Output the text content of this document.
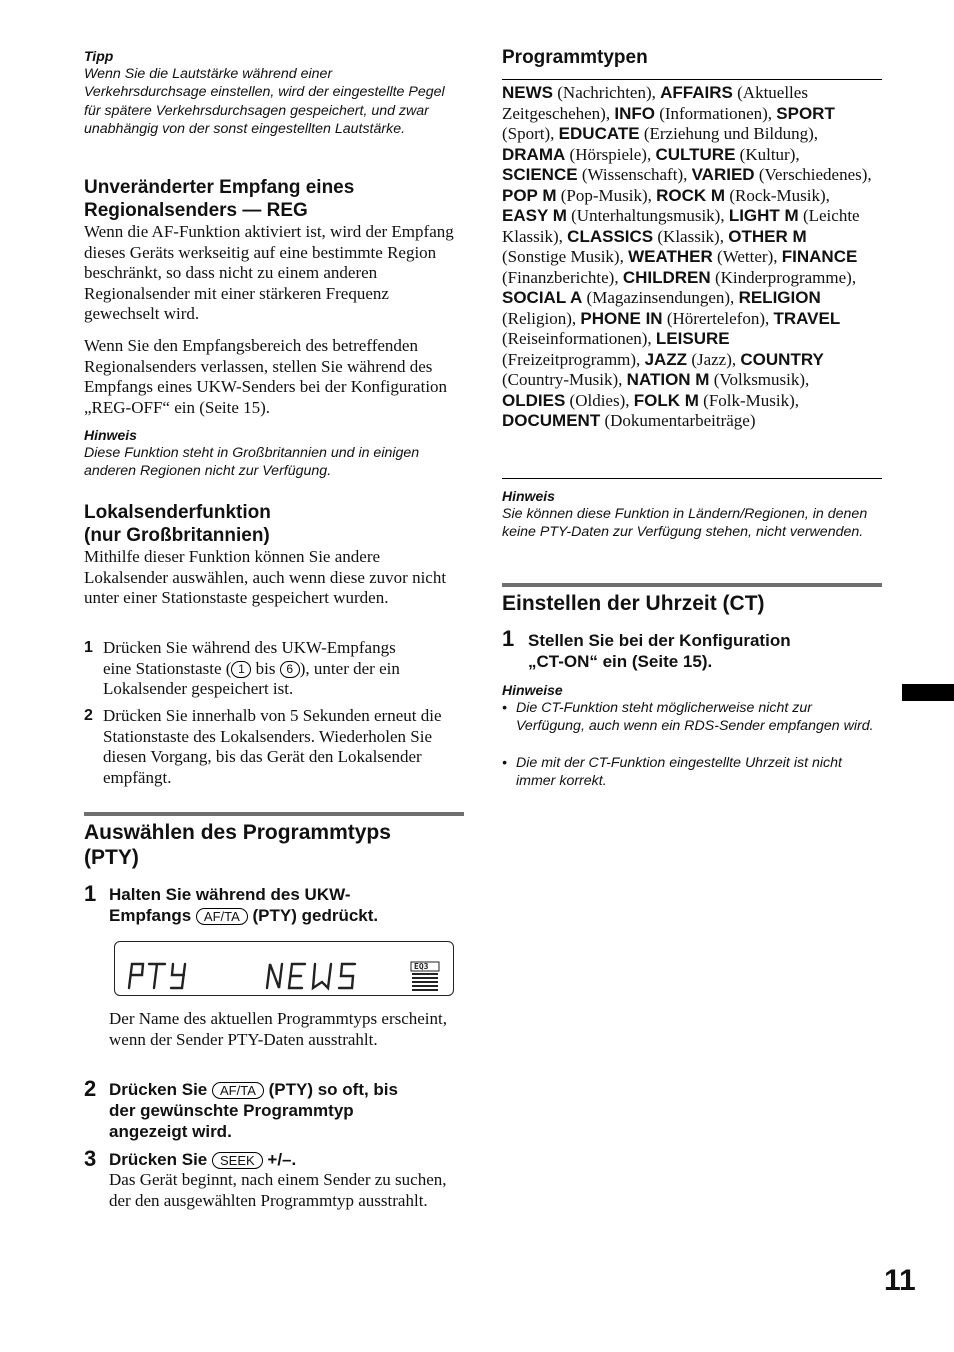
Tipp
Wenn Sie die Lautstärke während einer Verkehrsdurchsage einstellen, wird der eingestellte Pegel für spätere Verkehrsdurchsagen gespeichert, und zwar unabhängig von der sonst eingestellten Lautstärke.
Unveränderter Empfang eines
Regionalsenders — REG
Wenn die AF-Funktion aktiviert ist, wird der Empfang dieses Geräts werkseitig auf eine bestimmte Region beschränkt, so dass nicht zu einem anderen Regionalsender mit einer stärkeren Frequenz gewechselt wird.
Wenn Sie den Empfangsbereich des betreffenden Regionalsenders verlassen, stellen Sie während des Empfangs eines UKW-Senders bei der Konfiguration „REG-OFF“ ein (Seite 15).
Hinweis
Diese Funktion steht in Großbritannien und in einigen anderen Regionen nicht zur Verfügung.
Lokalsenderfunktion
(nur Großbritannien)
Mithilfe dieser Funktion können Sie andere Lokalsender auswählen, auch wenn diese zuvor nicht unter einer Stationstaste gespeichert wurden.
1 Drücken Sie während des UKW-Empfangs
eine Stationstaste ( 1 bis 6 ), unter der ein
Lokalsender gespeichert ist.
2 Drücken Sie innerhalb von 5 Sekunden erneut die Stationstaste des Lokalsenders. Wiederholen Sie diesen Vorgang, bis das Gerät den Lokalsender empfängt.
Auswählen des Programmtyps
(PTY)
1 Halten Sie während des UKW-
Empfangs AF/TA (PTY) gedrückt.
EQ3
Der Name des aktuellen Programmtyps erscheint, wenn der Sender PTY-Daten ausstrahlt.
2 Drücken Sie AF/TA (PTY) so oft, bis
der gewünschte Programmtyp
angezeigt wird.
3 Drücken Sie SEEK +/–.
Das Gerät beginnt, nach einem Sender zu suchen, der den ausgewählten Programmtyp ausstrahlt.
Programmtypen
NEWS (Nachrichten), AFFAIRS (Aktuelles Zeitgeschehen), INFO (Informationen), SPORT (Sport), EDUCATE (Erziehung und Bildung), DRAMA (Hörspiele), CULTURE (Kultur), SCIENCE (Wissenschaft), VARIED (Verschiedenes), POP M (Pop-Musik), ROCK M (Rock-Musik), EASY M (Unterhaltungsmusik), LIGHT M (Leichte Klassik), CLASSICS (Klassik), OTHER M (Sonstige Musik), WEATHER (Wetter), FINANCE (Finanzberichte), CHILDREN (Kinderprogramme), SOCIAL A (Magazinsendungen), RELIGION (Religion), PHONE IN (Hörertelefon), TRAVEL (Reiseinformationen), LEISURE (Freizeitprogramm), JAZZ (Jazz), COUNTRY (Country-Musik), NATION M (Volksmusik), OLDIES (Oldies), FOLK M (Folk-Musik), DOCUMENT (Dokumentarbeiträge)
Hinweis
Sie können diese Funktion in Ländern/Regionen, in denen keine PTY-Daten zur Verfügung stehen, nicht verwenden.
Einstellen der Uhrzeit (CT)
1 Stellen Sie bei der Konfiguration
„CT-ON“ ein (Seite 15).
Hinweise
• Die CT-Funktion steht möglicherweise nicht zur Verfügung, auch wenn ein RDS-Sender empfangen wird.
• Die mit der CT-Funktion eingestellte Uhrzeit ist nicht immer korrekt.
11
